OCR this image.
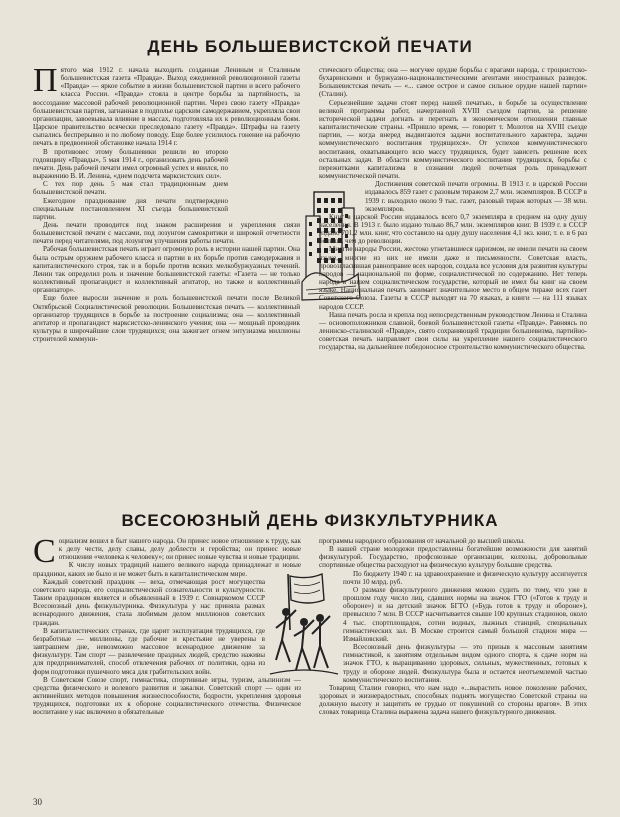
ДЕНЬ БОЛЬШЕВИСТСКОЙ ПЕЧАТИ

Пятого мая 1912 г. начала выходить созданная Лениным и Сталиным большевистская газета «Правда». Выход ежедневной революционной газеты «Правда» — яркое событие в жизни большевистской партии и всего рабочего класса России. «Правда» стояла в центре борьбы за партийность, за воссоздание массовой рабочей революционной партии. Через свою газету «Правда» большевистская партия, загнанная в подполье царским самодержавием, укрепляла свои организации, завоевывала влияние в массах, подготовляла их к революционным боям. Царское правительство всячески преследовало газету «Правда». Штрафы на газету сыпались беспрерывно и по любому поводу. Еще более усилилось гонение на рабочую печать в предвоенной обстановке начала 1914 г.

В противовес этому большевики решили во второю годовщину «Правды», 5 мая 1914 г., организовать день рабочей печати. День рабочей печати имел огромный успех и явился, по выражению В. И. Ленина, «днем подсчета марксистских сил».

С тех пор день 5 мая стал традиционным днем большевистской печати.

Ежегодное празднование дня печати подтверждено специальным постановлением XI съезда большевистской партии.

День печати проводится под знаком расширения и укрепления связи большевистской печати с массами, под лозунгом самокритики и широкой отчетности печати перед читателями, под лозунгом улучшения работы печати.

Рабочая большевистская печать играет огромную роль в истории нашей партии. Она была острым оружием рабочего класса и партии в их борьбе против самодержавия и капиталистического строя, так и в борьбе против всяких мелкобуржуазных течений. Ленин так определил роль и значение большевистской газеты: «Газета — не только коллективный пропагандист и коллективный агитатор, но также и коллективный организатор».

Еще более выросли значение и роль большевистской печати после Великой Октябрьской Социалистической революции. Большевистская печать — коллективный организатор трудящихся в борьбе за построение социализма; она — коллективный агитатор и пропагандист марксистско-ленинского учения; она — мощный проводник культуры в широчайшие слои трудящихся; она зажигает огнем энтузиазма миллионы строителей коммуни-

стического общества; она — могучее орудие борьбы с врагами народа, с троцкистско-бухаринскими и буржуазно-националистическими агентами иностранных разведок. Большевистская печать — «... самое острое и самое сильное орудие нашей партии» (Сталин).

Серьезнейшие задачи стоят перед нашей печатью., в борьбе за осуществление великой программы работ, начертанной XVIII съездом партии, за решение исторической задачи догнать и перегнать в экономическом отношении главные капиталистические страны. «Пришло время, — говорит т. Молотов на XVIII съезде партии, — когда внеред выдвигаются задачи воспитательного характера, задачи коммунистического воспитания трудящихся». От успехов коммунистического воспитания, охватывающего всю массу трудящихся, будет зависеть решение всех остальных задач. В области коммунистического воспитания трудящихся, борьбы с пережитками капитализма в сознании людей почетная роль принадлежит коммунистической печати.

Достижения советской печати огромны. В 1913 г. в царской России издавалось 859 газет с разовым тиражом 2,7 млн. экземпляров. В СССР в 1939 г. выходило около 9 тыс. газет, разовый тираж которых — 38 млн. экземпляров.

Книг в царской России издавалось всего 0,7 экземпляра в среднем на одну душу населения. В 1913 г. было издано только 86,7 млн. экземпляров книг. В 1939 г. в СССР издано 701,2 млн. книг, что составило на одну душу населения 4,1 экз. книг, т. е. в 6 раз больше, чем до революции.

Многие народы России, жестоко угнетавшиеся царизмом, не имели печати на своем языке, многие из них не имели даже и письменности. Советская власть, провозгласившая равноправие всех народов, создала все условия для развития культуры народов — национальной по форме, социалистической по содержанию. Нет теперь народа в нашем социалистическом государстве, который не имел бы книг на своем языке. Национальная печать занимает значительное место в общем тираже всех газет Советского Союза. Газеты в СССР выходят на 70 языках, а книги — на 111 языках народов СССР.

Наша печать росла и крепла под непосредственным руководством Ленина и Сталина — основоположников славной, боевой большевистской газеты «Правда». Равняясь по ленинско-сталинской «Правде», свято сохраняющей традиции большевизма, партийно-советская печать направляет свои силы на укрепление нашего социалистического государства, на дальнейшее победоносное строительство коммунистического общества.

ВСЕСОЮЗНЫЙ ДЕНЬ ФИЗКУЛЬТУРНИКА

Социализм вошел в быт нашего народа. Он принес новое отношение к труду, как к делу чести, делу славы, делу доблести и геройства; он принес новые отношения «человека к человеку»; он принес новые чувства и новые традиции.

К числу новых традиций нашего великого народа принадлежат и новые праздники, каких не было и не может быть в капиталистическом мире.

Каждый советский праздник — веха, отмечающая рост могущества советского народа, его социалистической сознательности и культурности. Таким праздником является и объявленный в 1939 г. Совнаркомом СССР Всесоюзный день физкультурника. Физкультура у нас приняла размах всенародного движения, стала любимым делом миллионов советских граждан.

В капиталистических странах, где царит эксплуатация трудящихся, где безработные — миллионы, где рабочие и крестьяне не уверены в завтрашнем дне, невозможно массовое всенародное движение за физкультуру. Там спорт — развлечение праздных людей, средство наживы для предпринимателей, способ отвлечения рабочих от политики, одна из форм подготовки пушечного мяса для грабительских войн.

В Советском Союзе спорт, гимнастика, спортивные игры, туризм, альпинизм — средства физического и волевого развития и закалки. Советский спорт — один из активнейших методов повышения жизнеспособности, бодрости, укрепления здоровья трудящихся, подготовки их к обороне социалистического отечества. Физическое воспитание у нас включено в обязательные

программы народного образования от начальной до высшей школы.

В нашей стране молодежи предоставлены богатейшие возможности для занятий физкультурой. Государство, профсоюзные организации, колхозы, добровольные спортивные общества расходуют на физическую культуру большие средства.

По бюджету 1940 г. на здравоохранение и физическую культуру ассигнуется почти 10 млрд. руб.

О размахе физкультурного движения можно судить по тому, что уже в прошлом году число лиц, сдавших нормы на значок ГТО («Готов к труду и обороне») и на детский значок БГТО («Будь готов к труду и обороне»), превысило 7 млн. В СССР насчитывается свыше 100 крупных стадионов, около 4 тыс. спортплощадок, сотни водных, лыжных станций, специальных гимнастических зал. В Москве строится самый большой стадион мира — Измайловский.

Всесоюзный день физкультуры — это призыв к массовым занятиям гимнастикой, к занятиям отдельным видом одного спорта, к сдаче норм на значок ГТО, к выращиванию здоровых, сильных, мужественных, готовых к труду и обороне людей. Физкультура была и остается неотъемлемой частью коммунистического воспитания.

Товарищ Сталин говорил, что нам надо «...вырастить новое поколение рабочих, здоровых и жизнерадостных, способных поднять могущество Советской страны на должную высоту и защитить ее грудью от покушений со стороны врагов». В этих словах товарища Сталина выражена задача нашего физкультурного движения.

30
